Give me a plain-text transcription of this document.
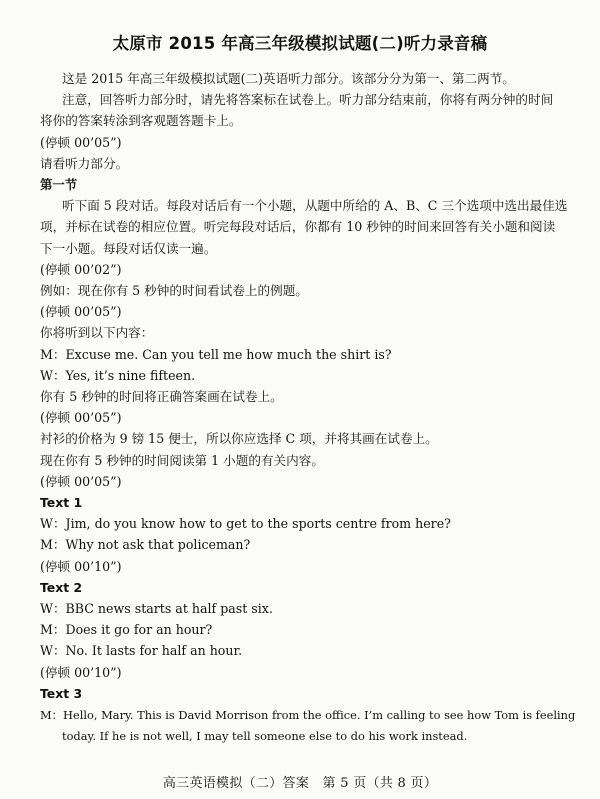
太原市 2015 年高三年级模拟试题(二)听力录音稿
这是 2015 年高三年级模拟试题(二)英语听力部分。该部分分为第一、第二两节。
注意，回答听力部分时，请先将答案标在试卷上。听力部分结束前，你将有两分钟的时间
将你的答案转涂到客观题答题卡上。
(停顿 00’05”)
请看听力部分。
第一节
听下面 5 段对话。每段对话后有一个小题，从题中所给的 A、B、C 三个选项中选出最佳选
项，并标在试卷的相应位置。听完每段对话后，你都有 10 秒钟的时间来回答有关小题和阅读
下一小题。每段对话仅读一遍。
(停顿 00’02”)
例如：现在你有 5 秒钟的时间看试卷上的例题。
(停顿 00’05”)
你将听到以下内容：
M：Excuse me. Can you tell me how much the shirt is?
W：Yes, it’s nine fifteen.
你有 5 秒钟的时间将正确答案画在试卷上。
(停顿 00’05”)
衬衫的价格为 9 镑 15 便士，所以你应选择 C 项，并将其画在试卷上。
现在你有 5 秒钟的时间阅读第 1 小题的有关内容。
(停顿 00’05”)
Text 1
W：Jim, do you know how to get to the sports centre from here?
M：Why not ask that policeman?
(停顿 00’10”)
Text 2
W：BBC news starts at half past six.
M：Does it go for an hour?
W：No. It lasts for half an hour.
(停顿 00’10”)
Text 3
M：Hello, Mary. This is David Morrison from the office. I’m calling to see how Tom is feeling
today. If he is not well, I may tell someone else to do his work instead.
高三英语模拟（二）答案　第 5 页（共 8 页）
